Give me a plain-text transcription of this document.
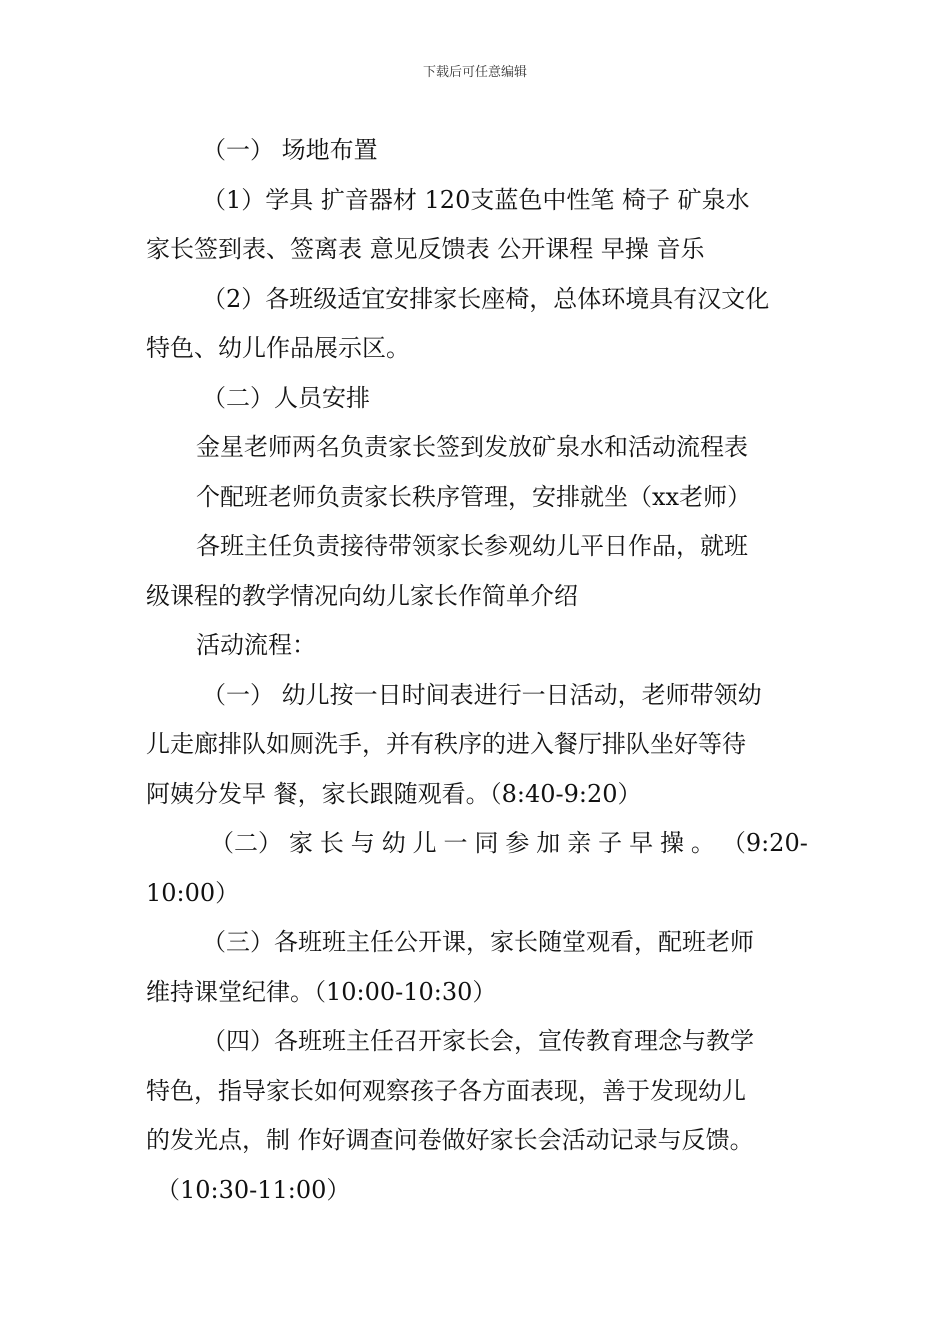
下载后可任意编辑
（一） 场地布置
（1）学具 扩音器材 120支蓝色中性笔 椅子 矿泉水
家长签到表、签离表 意见反馈表 公开课程 早操 音乐
（2）各班级适宜安排家长座椅，总体环境具有汉文化
特色、幼儿作品展示区。
（二）人员安排
金星老师两名负责家长签到发放矿泉水和活动流程表
个配班老师负责家长秩序管理，安排就坐（xx老师）
各班主任负责接待带领家长参观幼儿平日作品，就班
级课程的教学情况向幼儿家长作简单介绍
活动流程：
（一） 幼儿按一日时间表进行一日活动，老师带领幼
儿走廊排队如厕洗手，并有秩序的进入餐厅排队坐好等待
阿姨分发早 餐，家长跟随观看。（8:40-9:20）
（二） 家 长 与 幼 儿 一 同 参 加 亲 子 早 操 。 （9:20-
10:00）
（三）各班班主任公开课，家长随堂观看，配班老师
维持课堂纪律。（10:00-10:30）
（四）各班班主任召开家长会，宣传教育理念与教学
特色，指导家长如何观察孩子各方面表现，善于发现幼儿
的发光点，制 作好调查问卷做好家长会活动记录与反馈。
（10:30-11:00）
